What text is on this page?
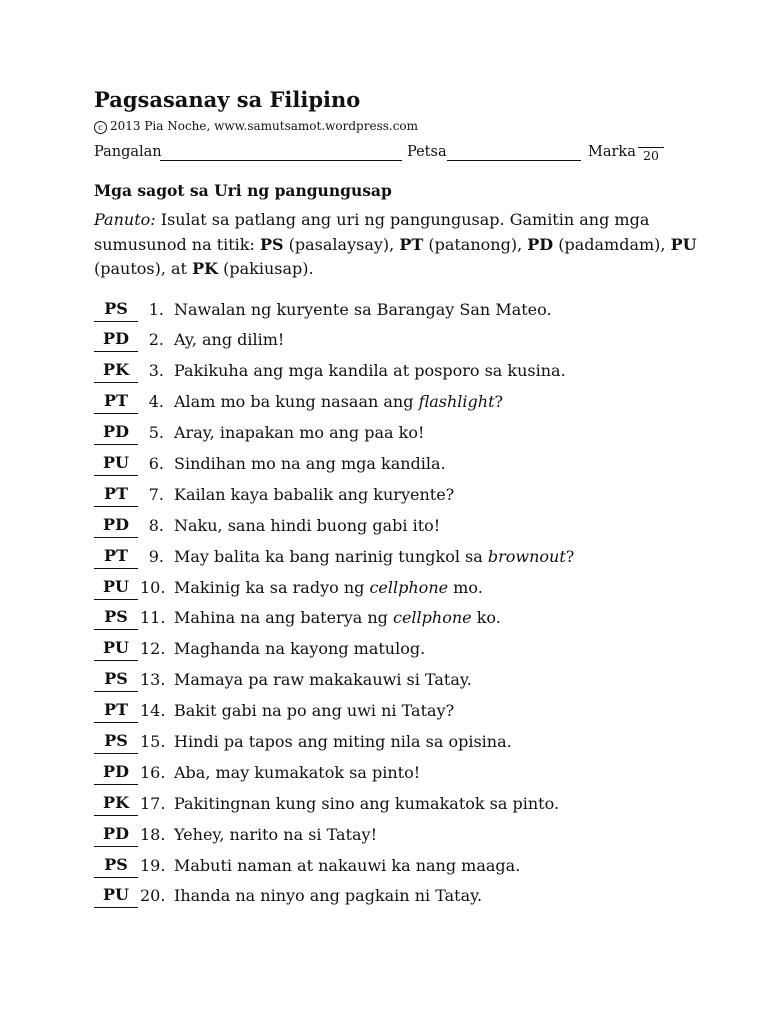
Pagsasanay sa Filipino
c 2013 Pia Noche, www.samutsamot.wordpress.com
Pangalan	Petsa	Marka 20
Mga sagot sa Uri ng pangungusap
Panuto: Isulat sa patlang ang uri ng pangungusap. Gamitin ang mga sumusunod na titik: PS (pasalaysay), PT (patanong), PD (padamdam), PU (pautos), at PK (pakiusap).
PS	1. Nawalan ng kuryente sa Barangay San Mateo.
PD	2. Ay, ang dilim!
PK	3. Pakikuha ang mga kandila at posporo sa kusina.
PT	4. Alam mo ba kung nasaan ang flashlight?
PD	5. Aray, inapakan mo ang paa ko!
PU	6. Sindihan mo na ang mga kandila.
PT	7. Kailan kaya babalik ang kuryente?
PD	8. Naku, sana hindi buong gabi ito!
PT	9. May balita ka bang narinig tungkol sa brownout?
PU 10. Makinig ka sa radyo ng cellphone mo.
PS 11. Mahina na ang baterya ng cellphone ko.
PU 12. Maghanda na kayong matulog.
PS 13. Mamaya pa raw makakauwi si Tatay.
PT 14. Bakit gabi na po ang uwi ni Tatay?
PS 15. Hindi pa tapos ang miting nila sa opisina.
PD 16. Aba, may kumakatok sa pinto!
PK 17. Pakitingnan kung sino ang kumakatok sa pinto.
PD 18. Yehey, narito na si Tatay!
PS 19. Mabuti naman at nakauwi ka nang maaga.
PU 20. Ihanda na ninyo ang pagkain ni Tatay.
